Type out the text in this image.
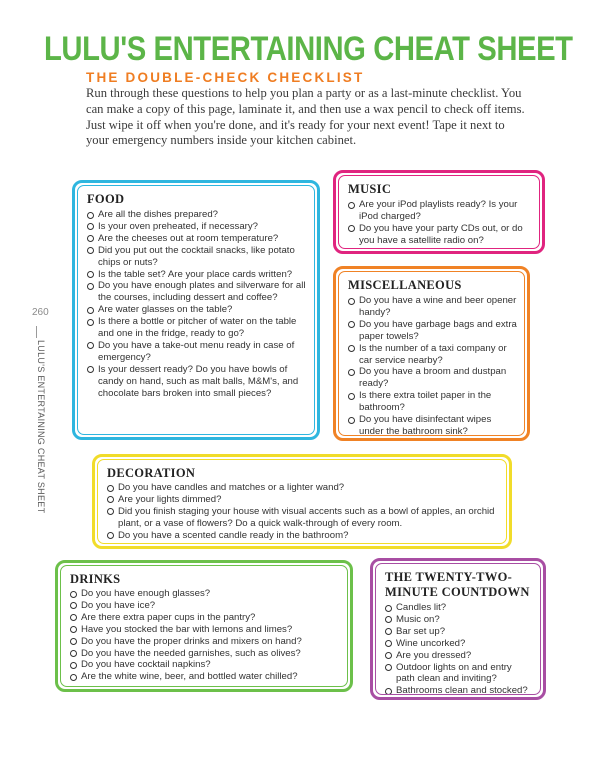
LULU'S ENTERTAINING CHEAT SHEET
THE DOUBLE-CHECK CHECKLIST

Run through these questions to help you plan a party or as a last-minute checklist. You can make a copy of this page, laminate it, and then use a wax pencil to check off items. Just wipe it off when you're done, and it's ready for your next event! Tape it next to your emergency numbers inside your kitchen cabinet.

260
LULU'S ENTERTAINING CHEAT SHEET
FOOD
Are all the dishes prepared?
Is your oven preheated, if necessary?
Are the cheeses out at room temperature?
Did you put out the cocktail snacks, like potato chips or nuts?
Is the table set? Are your place cards written?
Do you have enough plates and silverware for all the courses, including dessert and coffee?
Are water glasses on the table?
Is there a bottle or pitcher of water on the table and one in the fridge, ready to go?
Do you have a take-out menu ready in case of emergency?
Is your dessert ready? Do you have bowls of candy on hand, such as malt balls, M&M's, and chocolate bars broken into small pieces?
MUSIC
Are your iPod playlists ready? Is your iPod charged?
Do you have your party CDs out, or do you have a satellite radio on?
MISCELLANEOUS
Do you have a wine and beer opener handy?
Do you have garbage bags and extra paper towels?
Is the number of a taxi company or car service nearby?
Do you have a broom and dustpan ready?
Is there extra toilet paper in the bathroom?
Do you have disinfectant wipes under the bathroom sink?
DECORATION
Do you have candles and matches or a lighter wand?
Are your lights dimmed?
Did you finish staging your house with visual accents such as a bowl of apples, an orchid plant, or a vase of flowers? Do a quick walk-through of every room.
Do you have a scented candle ready in the bathroom?
DRINKS
Do you have enough glasses?
Do you have ice?
Are there extra paper cups in the pantry?
Have you stocked the bar with lemons and limes?
Do you have the proper drinks and mixers on hand?
Do you have the needed garnishes, such as olives?
Do you have cocktail napkins?
Are the white wine, beer, and bottled water chilled?
THE TWENTY-TWO-MINUTE COUNTDOWN
Candles lit?
Music on?
Bar set up?
Wine uncorked?
Are you dressed?
Outdoor lights on and entry path clean and inviting?
Bathrooms clean and stocked?
